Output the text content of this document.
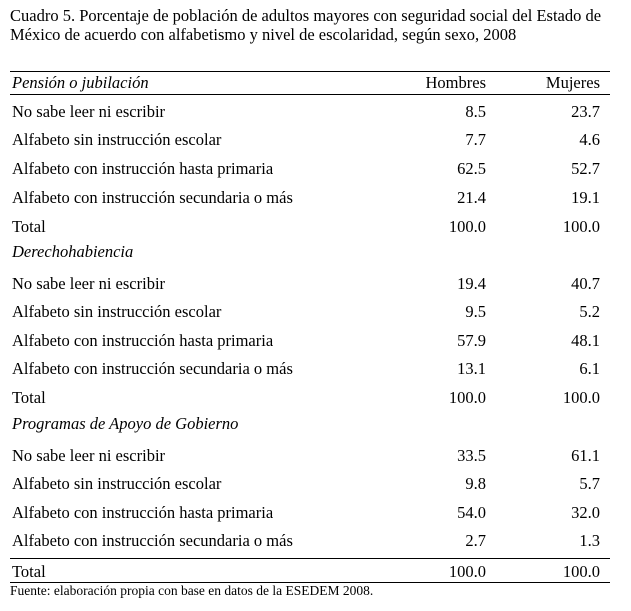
Cuadro 5. Porcentaje de población de adultos mayores con seguridad social del Estado de México de acuerdo con alfabetismo y nivel de escolaridad, según sexo, 2008
Pensión o jubilación	Hombres	Mujeres
No sabe leer ni escribir	8.5	23.7
Alfabeto sin instrucción escolar	7.7	4.6
Alfabeto con instrucción hasta primaria	62.5	52.7
Alfabeto con instrucción secundaria o más	21.4	19.1
Total	100.0	100.0
Derechohabiencia
No sabe leer ni escribir	19.4	40.7
Alfabeto sin instrucción escolar	9.5	5.2
Alfabeto con instrucción hasta primaria	57.9	48.1
Alfabeto con instrucción secundaria o más	13.1	6.1
Total	100.0	100.0
Programas de Apoyo de Gobierno
No sabe leer ni escribir	33.5	61.1
Alfabeto sin instrucción escolar	9.8	5.7
Alfabeto con instrucción hasta primaria	54.0	32.0
Alfabeto con instrucción secundaria o más	2.7	1.3
Total	100.0	100.0
Fuente: elaboración propia con base en datos de la ESEDEM 2008.
